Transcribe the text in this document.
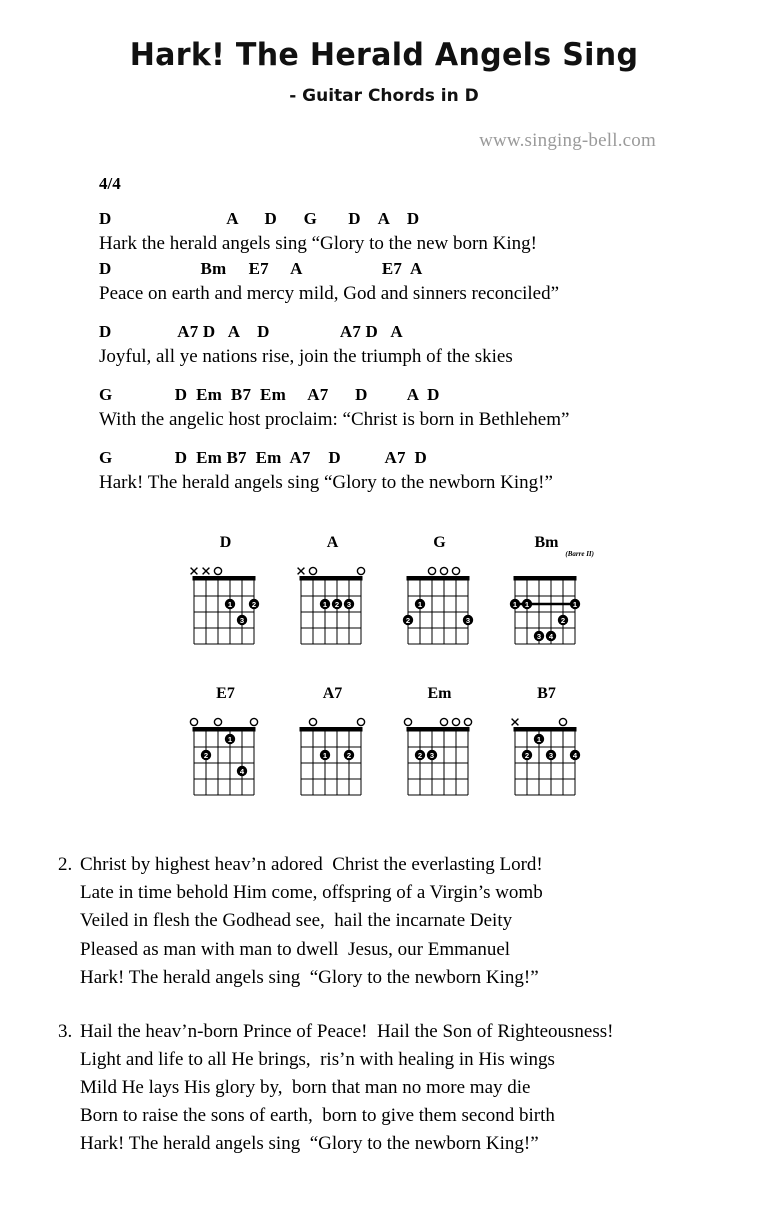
Hark! The Herald Angels Sing
- Guitar Chords in D
www.singing-bell.com
4/4
D                          A      D      G       D    A    D
Hark the herald angels sing “Glory to the new born King!
D                    Bm     E7     A                  E7  A
Peace on earth and mercy mild, God and sinners reconciled”
D               A7 D   A    D                A7 D   A
Joyful, all ye nations rise, join the triumph of the skies
G              D  Em  B7  Em     A7      D         A  D
With the angelic host proclaim: “Christ is born in Bethlehem”
G              D  Em B7  Em  A7    D          A7  D
Hark! The herald angels sing “Glory to the newborn King!”
D
1	2
3
A
1 2 3
G
1
2	3
Bm
(Barre II)
1 1	1
2
3 4
E7
1
2
4
A7
1	2
Em
2 3
B7
1
2	3	4
2. Christ by highest heav’n adored  Christ the everlasting Lord!
Late in time behold Him come, offspring of a Virgin’s womb
Veiled in flesh the Godhead see,  hail the incarnate Deity
Pleased as man with man to dwell  Jesus, our Emmanuel
Hark! The herald angels sing  “Glory to the newborn King!”
3. Hail the heav’n-born Prince of Peace!  Hail the Son of Righteousness!
Light and life to all He brings,  ris’n with healing in His wings
Mild He lays His glory by,  born that man no more may die
Born to raise the sons of earth,  born to give them second birth
Hark! The herald angels sing  “Glory to the newborn King!”
